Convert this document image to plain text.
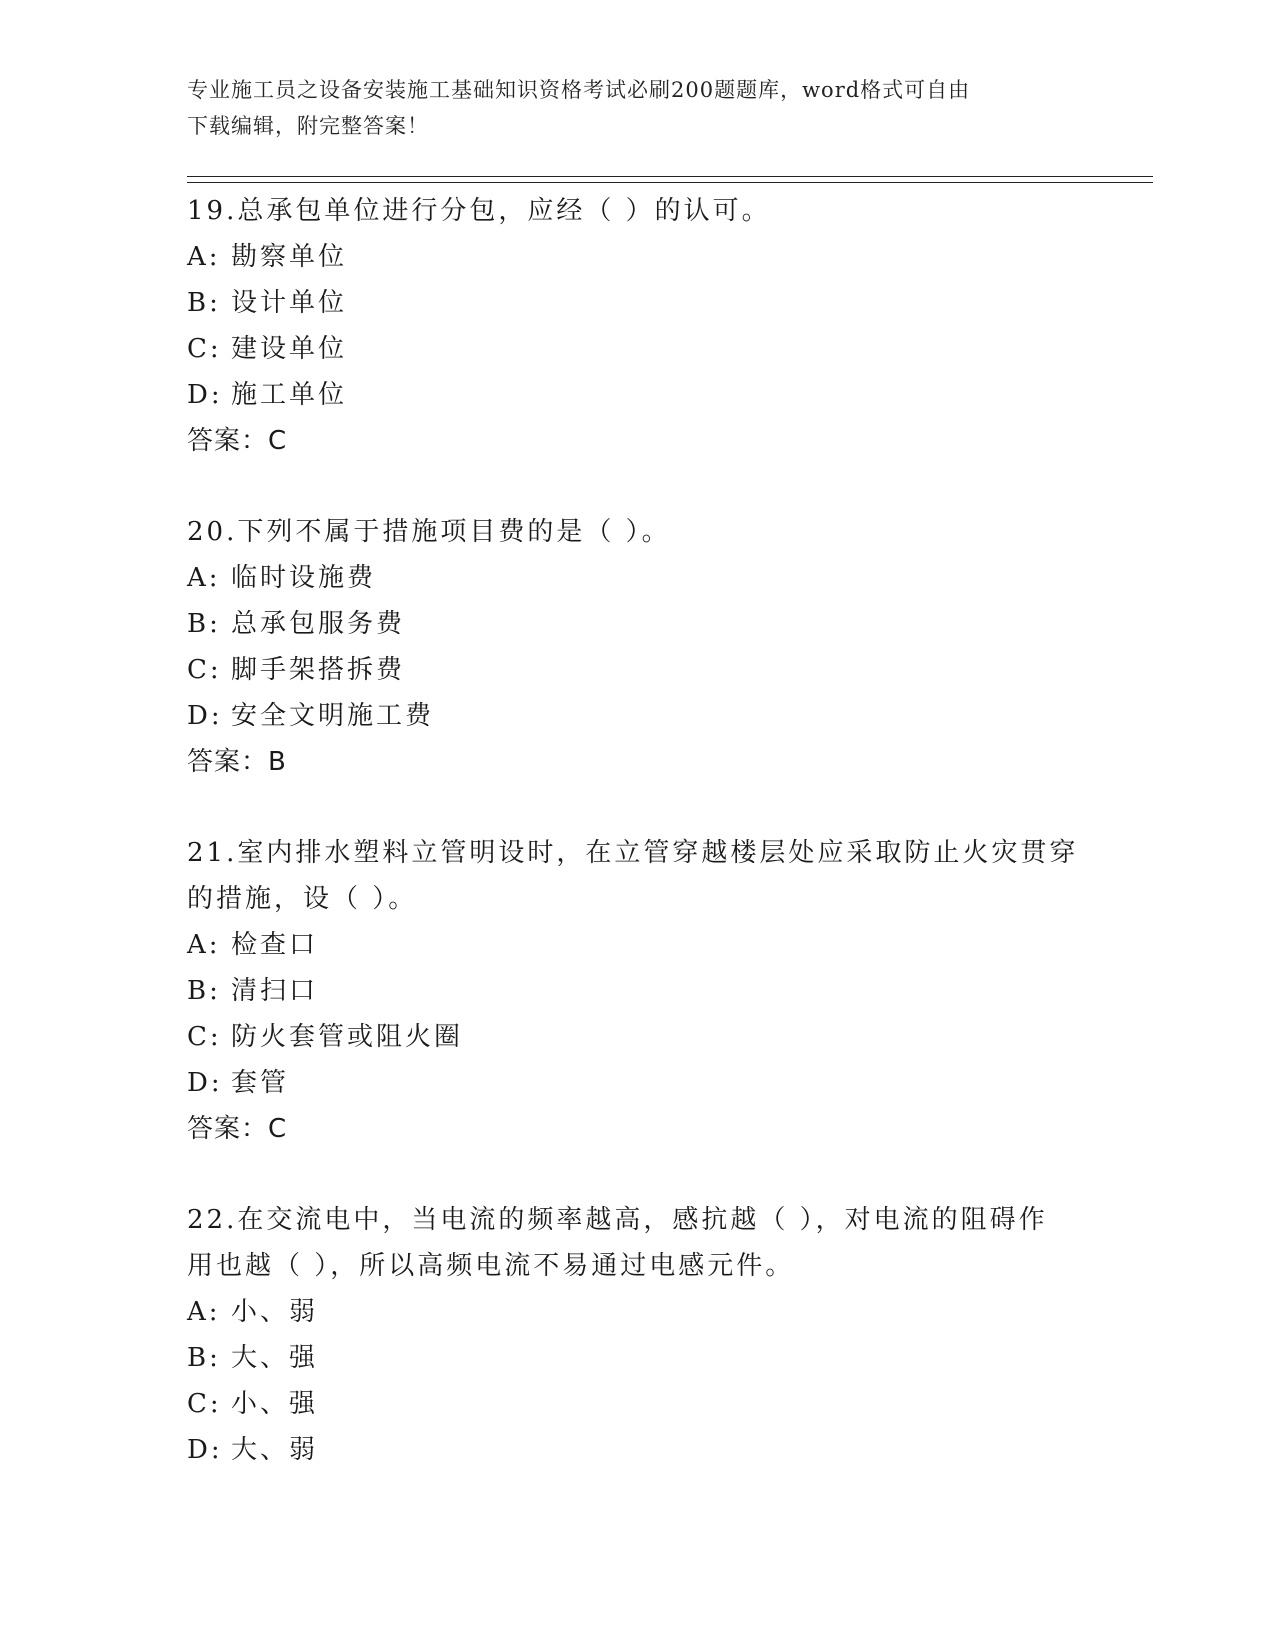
专业施工员之设备安装施工基础知识资格考试必刷200题题库，word格式可自由
下载编辑，附完整答案！
19.总承包单位进行分包，应经（ ）的认可。
A: 勘察单位
B: 设计单位
C: 建设单位
D: 施工单位
答案：C
20.下列不属于措施项目费的是（ ）。
A: 临时设施费
B: 总承包服务费
C: 脚手架搭拆费
D: 安全文明施工费
答案：B
21.室内排水塑料立管明设时，在立管穿越楼层处应采取防止火灾贯穿
的措施，设（ ）。
A: 检查口
B: 清扫口
C: 防火套管或阻火圈
D: 套管
答案：C
22.在交流电中，当电流的频率越高，感抗越（ ），对电流的阻碍作
用也越（ ），所以高频电流不易通过电感元件。
A: 小、弱
B: 大、强
C: 小、强
D: 大、弱
